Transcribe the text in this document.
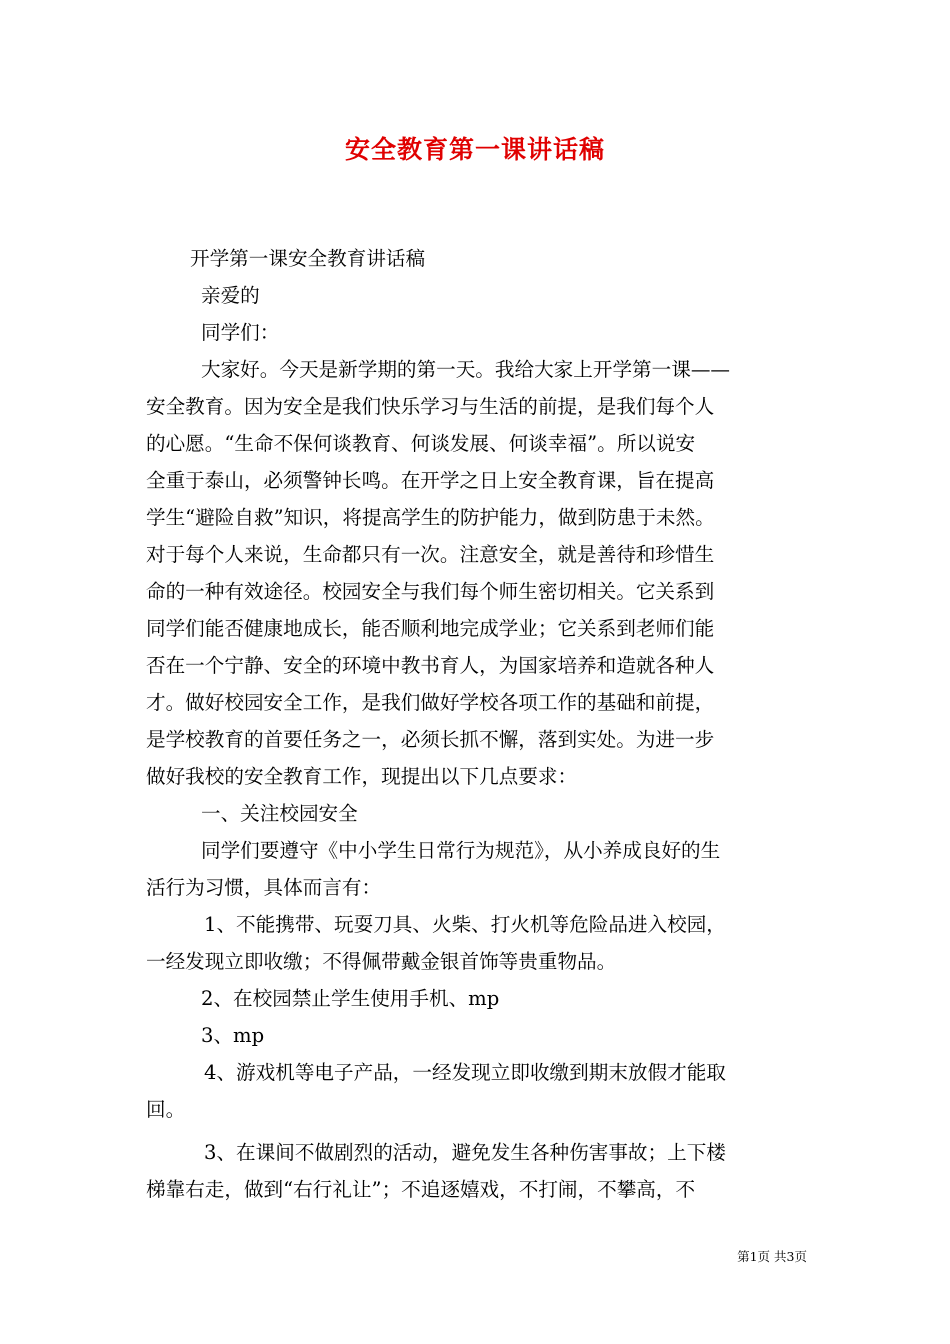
安全教育第一课讲话稿
开学第一课安全教育讲话稿
亲爱的
同学们：
大家好。今天是新学期的第一天。我给大家上开学第一课——
安全教育。因为安全是我们快乐学习与生活的前提，是我们每个人
的心愿。“生命不保何谈教育、何谈发展、何谈幸福”。所以说安
全重于泰山，必须警钟长鸣。在开学之日上安全教育课，旨在提高
学生“避险自救”知识，将提高学生的防护能力，做到防患于未然。
对于每个人来说，生命都只有一次。注意安全，就是善待和珍惜生
命的一种有效途径。校园安全与我们每个师生密切相关。它关系到
同学们能否健康地成长，能否顺利地完成学业；它关系到老师们能
否在一个宁静、安全的环境中教书育人，为国家培养和造就各种人
才。做好校园安全工作，是我们做好学校各项工作的基础和前提，
是学校教育的首要任务之一，必须长抓不懈，落到实处。为进一步
做好我校的安全教育工作，现提出以下几点要求：
一、关注校园安全
同学们要遵守《中小学生日常行为规范》，从小养成良好的生
活行为习惯，具体而言有：
1、不能携带、玩耍刀具、火柴、打火机等危险品进入校园，
一经发现立即收缴；不得佩带戴金银首饰等贵重物品。
2、在校园禁止学生使用手机、mp
3、mp
4、游戏机等电子产品，一经发现立即收缴到期末放假才能取
回。
3、在课间不做剧烈的活动，避免发生各种伤害事故；上下楼
梯靠右走，做到“右行礼让”；不追逐嬉戏，不打闹，不攀高，不
第1页 共3页
